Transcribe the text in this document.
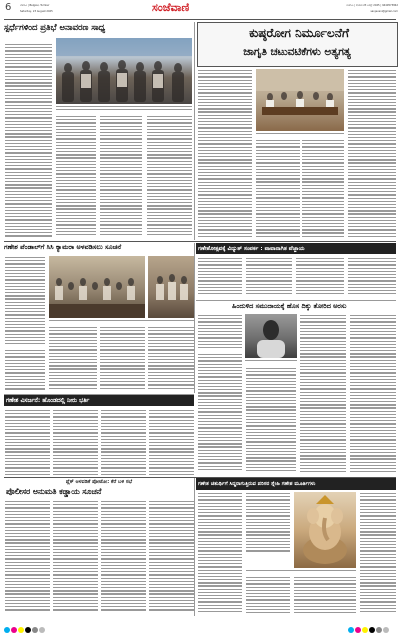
6	ಬೆಳಗಾವಿ | Belgavi, Tumkur
Saturday, 23 August 2025	ಸಂಜೆವಾಣಿ	ಬೆಳಗಾವಿ | ಶನಿವಾರ 23 ಆಗಸ್ಟ್ 2025 | 9449573842
sanjevani@gmail.com
ಸ್ಪರ್ಧೆಗಳಿಂದ ಪ್ರತಿಭೆ ಅನಾವರಣ ಸಾಧ್ಯ	ಕುಷ್ಠರೋಗ ನಿರ್ಮೂಲನೆಗೆ
ಜಾಗೃತಿ ಚಟುವಟಿಕೆಗಳು ಅತ್ಯಗತ್ಯ
ಗಣೇಶ ಪೆಂಡಾಲ್‌ಗೆ ಸಿಸಿ ಕ್ಯಾಮರಾ ಅಳವಡಿಸಲು ಸೂಚನೆ	ಗಣೇಶೋತ್ಸವಕ್ಕೆ ವಿದ್ಯುತ್ ಸಂಪರ್ಕ : ಪಾವಾನಾಗಿತ ಪೆಜ್ಜಾಯ
ಹಿಂದುಳಿದ ಸಮುದಾಯಕ್ಕೆ ಹೊಸ ದಿಕ್ಕು ತೋರಿದ ಅರಸು
ಗಣೇಶ ವಿಸರ್ಜನೆ: ಹೊಂಡದಲ್ಲಿ ನೀರು ಭರ್ತಿ
ಪ್ಲೆಕ್ ಅಳವಡಿಕೆ ಪೋಟೋ: ಕೆರೆ ಬಳಿ ಸಭೆ
ಪೊಲೀಸರ ಅನುಮತಿ ಕಡ್ಡಾಯ ಸೂಚನೆ
ಗಣೇಶ ಚತುರ್ಥಿಗೆ ಸಿದ್ಧರಾಗುತ್ತಿರುವ ಪರಿಸರ ಸ್ನೇಹಿ ಗಣೇಶ ಮೂರ್ತಿಗಳು
